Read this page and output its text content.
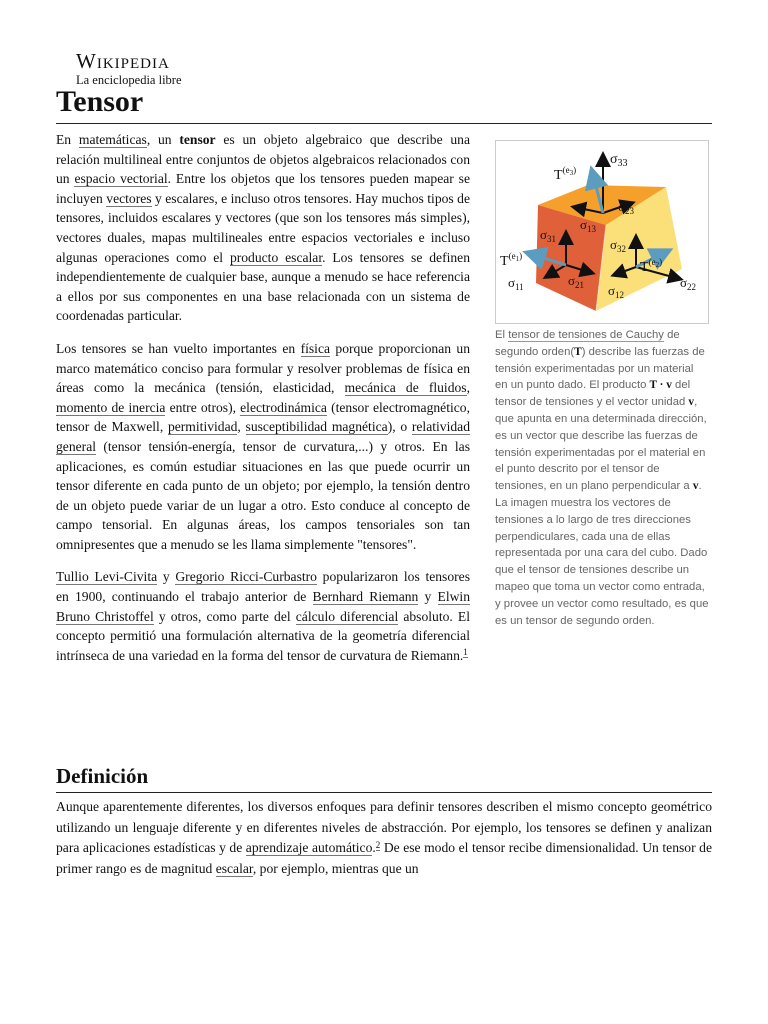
Wikipedia
La enciclopedia libre
Tensor

En matemáticas, un tensor es un objeto algebraico que describe una relación multilineal entre conjuntos de objetos algebraicos relacionados con un espacio vectorial. Entre los objetos que los tensores pueden mapear se incluyen vectores y escalares, e incluso otros tensores. Hay muchos tipos de tensores, incluidos escalares y vectores (que son los tensores más simples), vectores duales, mapas multilineales entre espacios vectoriales e incluso algunas operaciones como el producto escalar. Los tensores se definen independientemente de cualquier base, aunque a menudo se hace referencia a ellos por sus componentes en una base relacionada con un sistema de coordenadas particular.

Los tensores se han vuelto importantes en física porque proporcionan un marco matemático conciso para formular y resolver problemas de física en áreas como la mecánica (tensión, elasticidad, mecánica de fluidos, momento de inercia entre otros), electrodinámica (tensor electromagnético, tensor de Maxwell, permitividad, susceptibilidad magnética), o relatividad general (tensor tensión-energía, tensor de curvatura,...) y otros. En las aplicaciones, es común estudiar situaciones en las que puede ocurrir un tensor diferente en cada punto de un objeto; por ejemplo, la tensión dentro de un objeto puede variar de un lugar a otro. Esto conduce al concepto de campo tensorial. En algunas áreas, los campos tensoriales son tan omnipresentes que a menudo se les llama simplemente "tensores".

Tullio Levi-Civita y Gregorio Ricci-Curbastro popularizaron los tensores en 1900, continuando el trabajo anterior de Bernhard Riemann y Elwin Bruno Christoffel y otros, como parte del cálculo diferencial absoluto. El concepto permitió una formulación alternativa de la geometría diferencial intrínseca de una variedad en la forma del tensor de curvatura de Riemann.$^1$

$\sigma_{33}$
T(e3)
$\sigma_{13}$
$\sigma_{23}$
$\sigma_{31}$	$\sigma_{32}$
T(e1)
T(e2)
$\sigma_{11}$	$\sigma_{21}$ $\sigma_{12}$
$\sigma_{22}$
El tensor de tensiones de Cauchy de segundo orden(T) describe las fuerzas de tensión experimentadas por un material en un punto dado. El producto T · v del tensor de tensiones y el vector unidad v, que apunta en una determinada dirección, es un vector que describe las fuerzas de tensión experimentadas por el material en el punto descrito por el tensor de tensiones, en un plano perpendicular a v. La imagen muestra los vectores de tensiones a lo largo de tres direcciones perpendiculares, cada una de ellas representada por una cara del cubo. Dado que el tensor de tensiones describe un mapeo que toma un vector como entrada, y provee un vector como resultado, es que es un tensor de segundo orden.
Definición

Aunque aparentemente diferentes, los diversos enfoques para definir tensores describen el mismo concepto geométrico utilizando un lenguaje diferente y en diferentes niveles de abstracción. Por ejemplo, los tensores se definen y analizan para aplicaciones estadísticas y de aprendizaje automático.$^2$ De ese modo el tensor recibe dimensionalidad. Un tensor de primer rango es de magnitud escalar, por ejemplo, mientras que un
